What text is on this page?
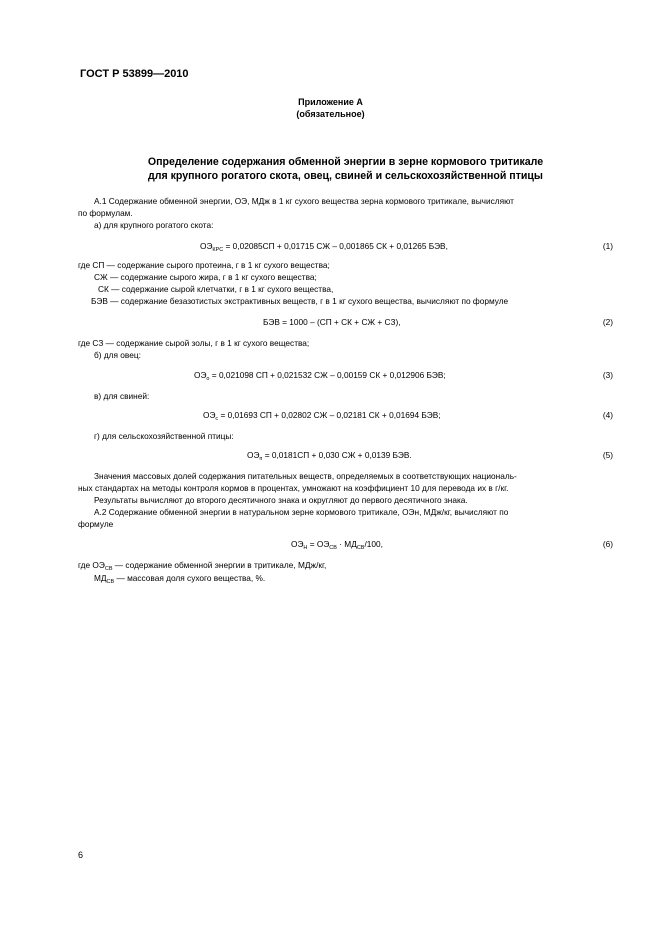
ГОСТ Р 53899—2010
Приложение А
(обязательное)
Определение содержания обменной энергии в зерне кормового тритикале
для крупного рогатого скота, овец, свиней и сельскохозяйственной птицы
А.1 Содержание обменной энергии, ОЭ, МДж в 1 кг сухого вещества зерна кормового тритикале, вычисляют
по формулам.
а) для крупного рогатого скота:
$ОЭ_{КРС} = 0,02085СП + 0,01715$ СЖ – 0,001865 СК + 0,01265 БЭВ,	(1)
где СП — содержание сырого протеина, г в 1 кг сухого вещества;
СЖ — содержание сырого жира, г в 1 кг сухого вещества;
СК — содержание сырой клетчатки, г в 1 кг сухого вещества,
БЭВ — содержание безазотистых экстрактивных веществ, г в 1 кг сухого вещества, вычисляют по формуле
БЭВ = 1000 – (СП + СК + СЖ + СЗ),	(2)
где СЗ — содержание сырой золы, г в 1 кг сухого вещества;
б) для овец:
$ОЭ_о = 0,021098$ СП + 0,021532 СЖ – 0,00159 СК + 0,012906 БЭВ;	(3)
в) для свиней:
$ОЭ_с = 0,01693$ СП + 0,02802 СЖ – 0,02181 СК + 0,01694 БЭВ;	(4)
г) для сельскохозяйственной птицы:
$ОЭ_п = 0,0181СП + 0,030$ СЖ + 0,0139 БЭВ.	(5)
Значения массовых долей содержания питательных веществ, определяемых в соответствующих националь-
ных стандартах на методы контроля кормов в процентах, умножают на коэффициент 10 для перевода их в г/кг.
Результаты вычисляют до второго десятичного знака и округляют до первого десятичного знака.
А.2 Содержание обменной энергии в натуральном зерне кормового тритикале, ОЭн, МДж/кг, вычисляют по
формуле
$ОЭ_Н = ОЭ_{СВ} \cdot МД_{СВ}/100$,	(6)
где $ОЭ_{СВ}$ — содержание обменной энергии в тритикале, МДж/кг,
$МД_{СВ}$ — массовая доля сухого вещества, %.
6
